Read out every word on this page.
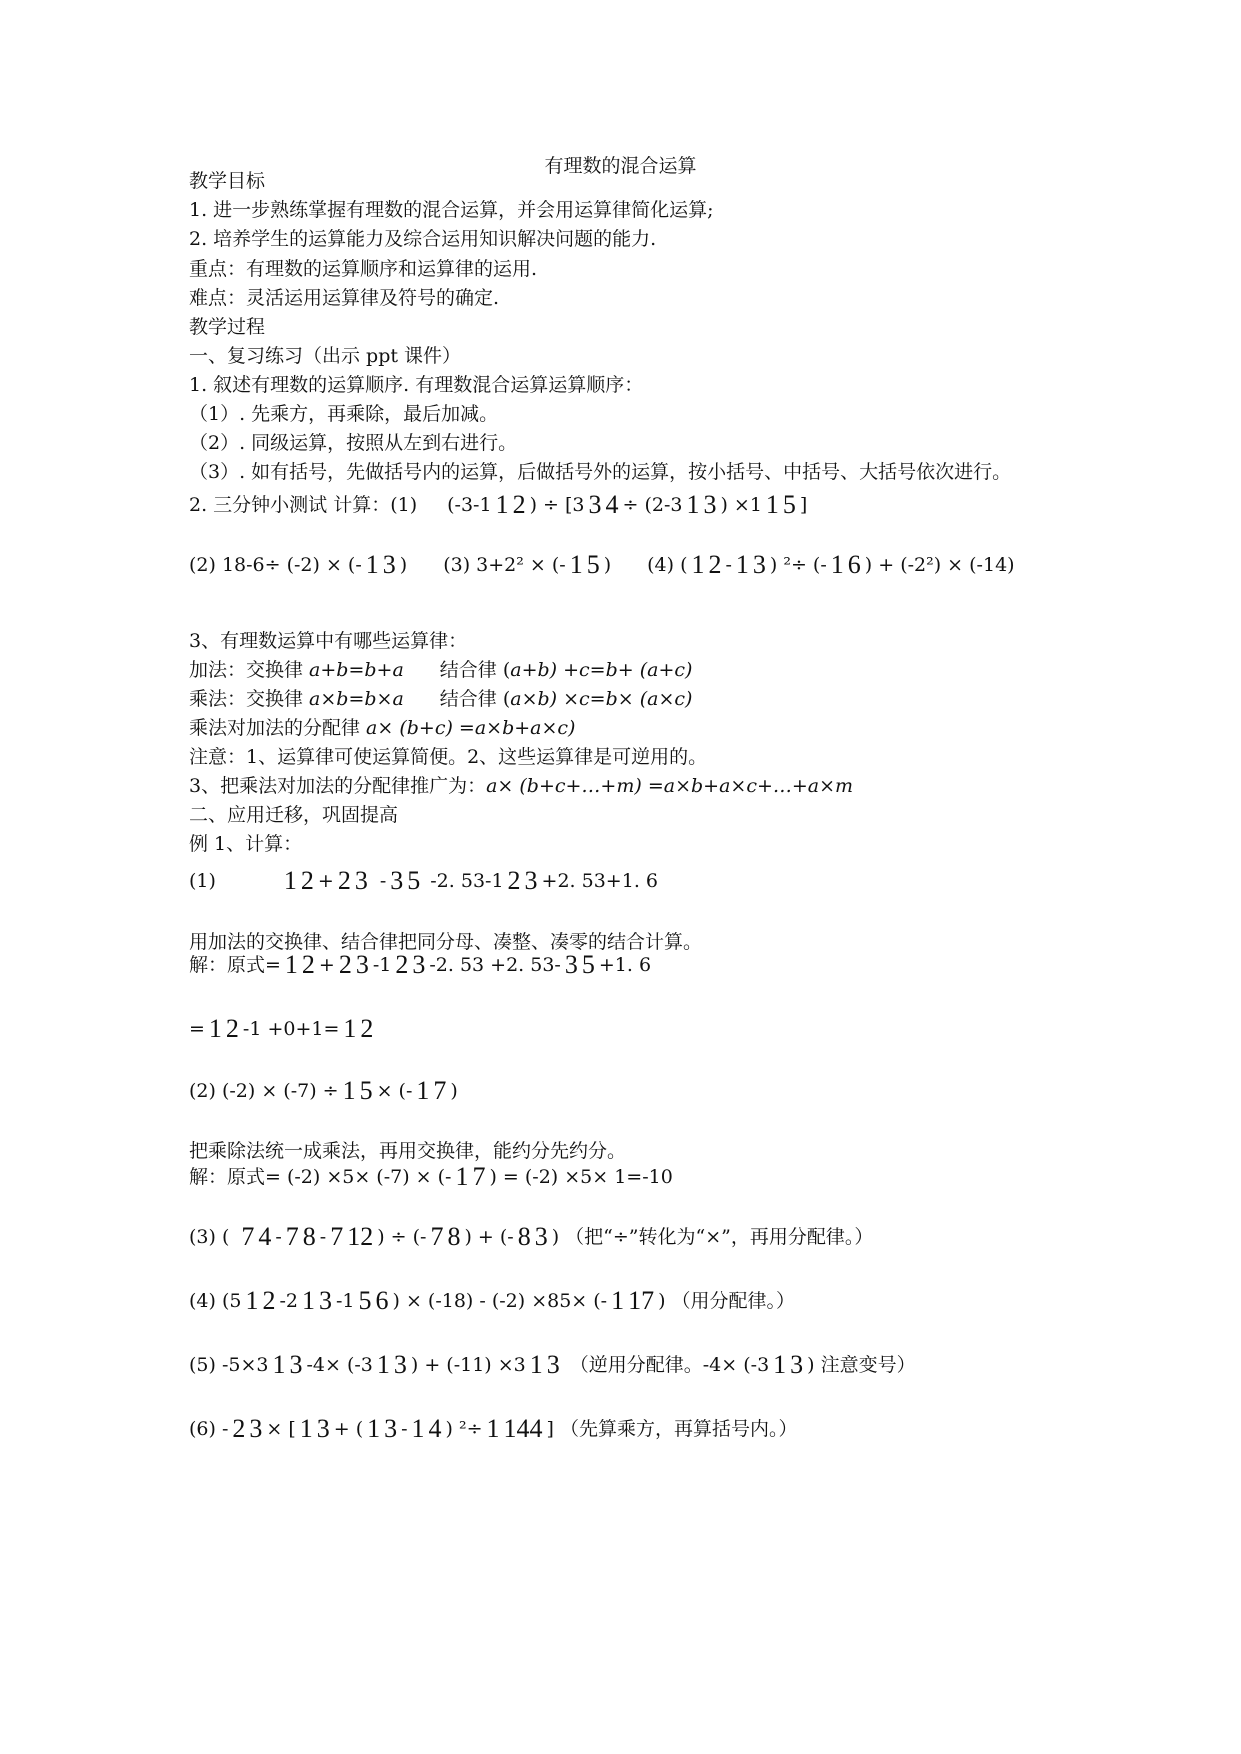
有理数的混合运算
教学目标
1. 进一步熟练掌握有理数的混合运算，并会用运算律简化运算;
2. 培养学生的运算能力及综合运用知识解决问题的能力.
重点：有理数的运算顺序和运算律的运用.
难点：灵活运用运算律及符号的确定.
教学过程
一、复习练习（出示 ppt 课件）
1. 叙述有理数的运算顺序. 有理数混合运算运算顺序：
（1）. 先乘方，再乘除，最后加减。
（2）. 同级运算，按照从左到右进行。
（3）. 如有括号，先做括号内的运算，后做括号外的运算，按小括号、中括号、大括号依次进行。
2. 三分钟小测试 计算：(1) (-3-1 1 2 ) ÷ [3 3 4 ÷ (2-3 1 3 ) ×1 1 5 ]
(2) 18-6÷ (-2) × (- 1 3 ) (3) 3+2² × (- 1 5 ) (4) ( 1 2 - 1 3 ) ²÷ (- 1 6 ) + (-2²) × (-14)
3、有理数运算中有哪些运算律：
加法：交换律 a+b=b+a 结合律 (a+b) +c=b+ (a+c)
乘法：交换律 a×b=b×a 结合律 (a×b) ×c=b× (a×c)
乘法对加法的分配律 a× (b+c) =a×b+a×c)
注意：1、运算律可使运算简便。2、这些运算律是可逆用的。
3、把乘法对加法的分配律推广为：a× (b+c+…+m) =a×b+a×c+…+a×m
二、应用迁移，巩固提高
例 1、计算：
(1)	1 2 + 2 3 - 3 5 -2. 53-1 2 3 +2. 53+1. 6
用加法的交换律、结合律把同分母、凑整、凑零的结合计算。
解：原式= 1 2 + 2 3 -1 2 3 -2. 53 +2. 53- 3 5 +1. 6
= 1 2 -1 +0+1= 1 2
(2) (-2) × (-7) ÷ 1 5 × (- 1 7 )
把乘除法统一成乘法，再用交换律，能约分先约分。
解：原式= (-2) ×5× (-7) × (- 1 7 ) = (-2) ×5× 1=-10
(3) ( 7 4 - 7 8 - 7 12 ) ÷ (- 7 8 ) + (- 8 3 ) （把“÷”转化为“×”，再用分配律。）
(4) (5 1 2 -2 1 3 -1 5 6 ) × (-18) - (-2) ×85× (- 1 17 ) （用分配律。）
(5) -5×3 1 3 -4× (-3 1 3 ) + (-11) ×3 1 3 （逆用分配律。-4× (-3 1 3 ) 注意变号）
(6) - 2 3 × [ 1 3 + ( 1 3 - 1 4 ) ²÷ 1 144 ] （先算乘方，再算括号内。）
